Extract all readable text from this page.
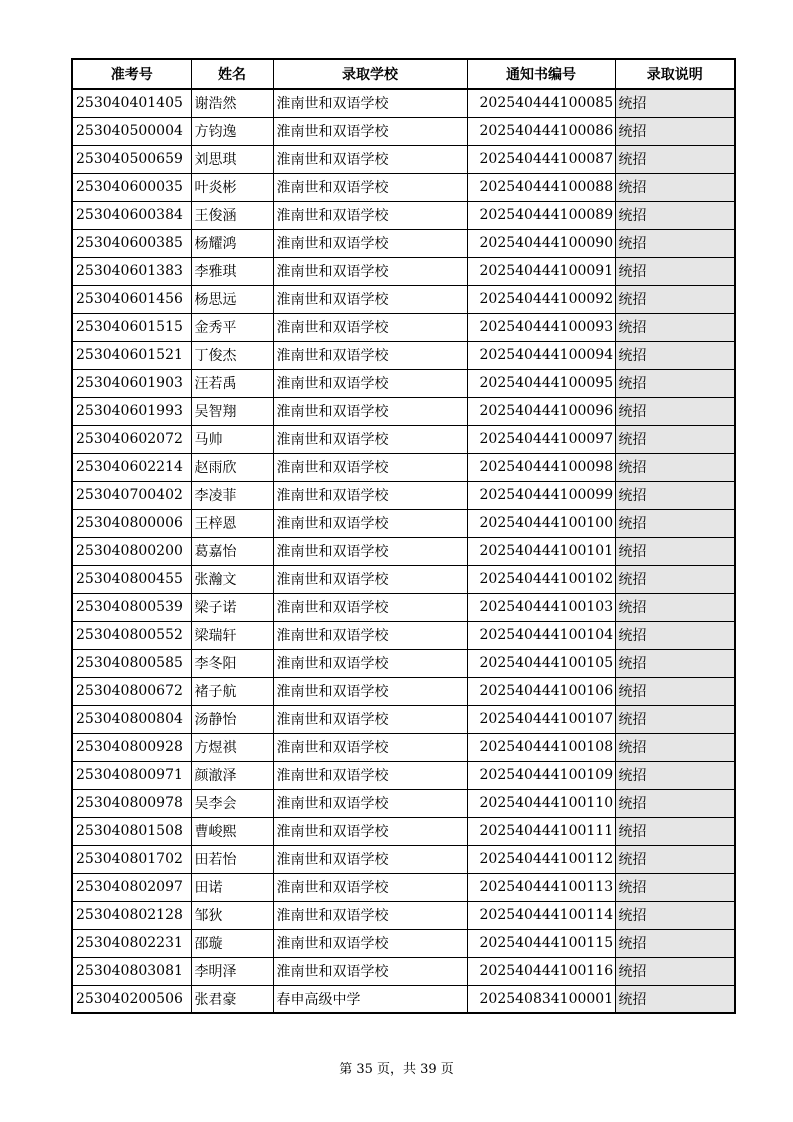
准考号	姓名	录取学校	通知书编号	录取说明
253040401405	谢浩然	淮南世和双语学校	202540444100085	统招
253040500004	方钧逸	淮南世和双语学校	202540444100086	统招
253040500659	刘思琪	淮南世和双语学校	202540444100087	统招
253040600035	叶炎彬	淮南世和双语学校	202540444100088	统招
253040600384	王俊涵	淮南世和双语学校	202540444100089	统招
253040600385	杨耀鸿	淮南世和双语学校	202540444100090	统招
253040601383	李雅琪	淮南世和双语学校	202540444100091	统招
253040601456	杨思远	淮南世和双语学校	202540444100092	统招
253040601515	金秀平	淮南世和双语学校	202540444100093	统招
253040601521	丁俊杰	淮南世和双语学校	202540444100094	统招
253040601903	汪若禹	淮南世和双语学校	202540444100095	统招
253040601993	吴智翔	淮南世和双语学校	202540444100096	统招
253040602072	马帅	淮南世和双语学校	202540444100097	统招
253040602214	赵雨欣	淮南世和双语学校	202540444100098	统招
253040700402	李凌菲	淮南世和双语学校	202540444100099	统招
253040800006	王梓恩	淮南世和双语学校	202540444100100	统招
253040800200	葛嘉怡	淮南世和双语学校	202540444100101	统招
253040800455	张瀚文	淮南世和双语学校	202540444100102	统招
253040800539	梁子诺	淮南世和双语学校	202540444100103	统招
253040800552	梁瑞轩	淮南世和双语学校	202540444100104	统招
253040800585	李冬阳	淮南世和双语学校	202540444100105	统招
253040800672	褚子航	淮南世和双语学校	202540444100106	统招
253040800804	汤静怡	淮南世和双语学校	202540444100107	统招
253040800928	方煜祺	淮南世和双语学校	202540444100108	统招
253040800971	颜澈泽	淮南世和双语学校	202540444100109	统招
253040800978	吴李会	淮南世和双语学校	202540444100110	统招
253040801508	曹峻熙	淮南世和双语学校	202540444100111	统招
253040801702	田若怡	淮南世和双语学校	202540444100112	统招
253040802097	田诺	淮南世和双语学校	202540444100113	统招
253040802128	邹狄	淮南世和双语学校	202540444100114	统招
253040802231	邵璇	淮南世和双语学校	202540444100115	统招
253040803081	李明泽	淮南世和双语学校	202540444100116	统招
253040200506	张君豪	春申高级中学	202540834100001	统招
第 35 页，共 39 页
